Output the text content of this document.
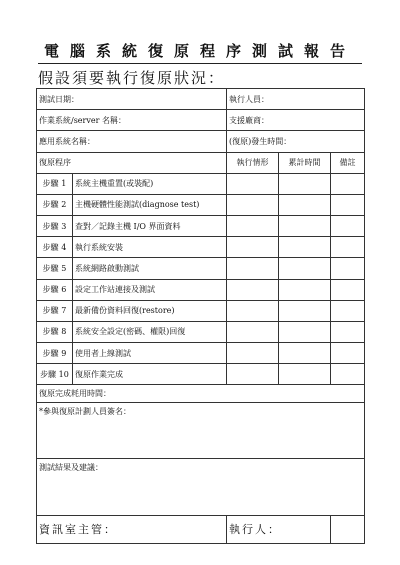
電腦系統復原程序測試報告
假設須要執行復原狀況：
測試日期：		執行人員：		
作業系統/server 名稱：		支援廠商：		
應用系統名稱：		(復原)發生時間：		
復原程序		執行情形	累計時間	備註
步驟 1	系統主機重置(或裝配)			
步驟 2	主機硬體性能測試(diagnose test)			
步驟 3	查對／記錄主機 I/O 界面資料			
步驟 4	執行系統安裝			
步驟 5	系統網路啟動測試			
步驟 6	設定工作站連接及測試			
步驟 7	最新備份資料回復(restore)			
步驟 8	系統安全設定(密碼、權限)回復			
步驟 9	使用者上線測試			
步驟 10	復原作業完成			
復原完成耗用時間：				
*參與復原計劃人員簽名：				
測試結果及建議：				
資訊室主管：		執行人：		
